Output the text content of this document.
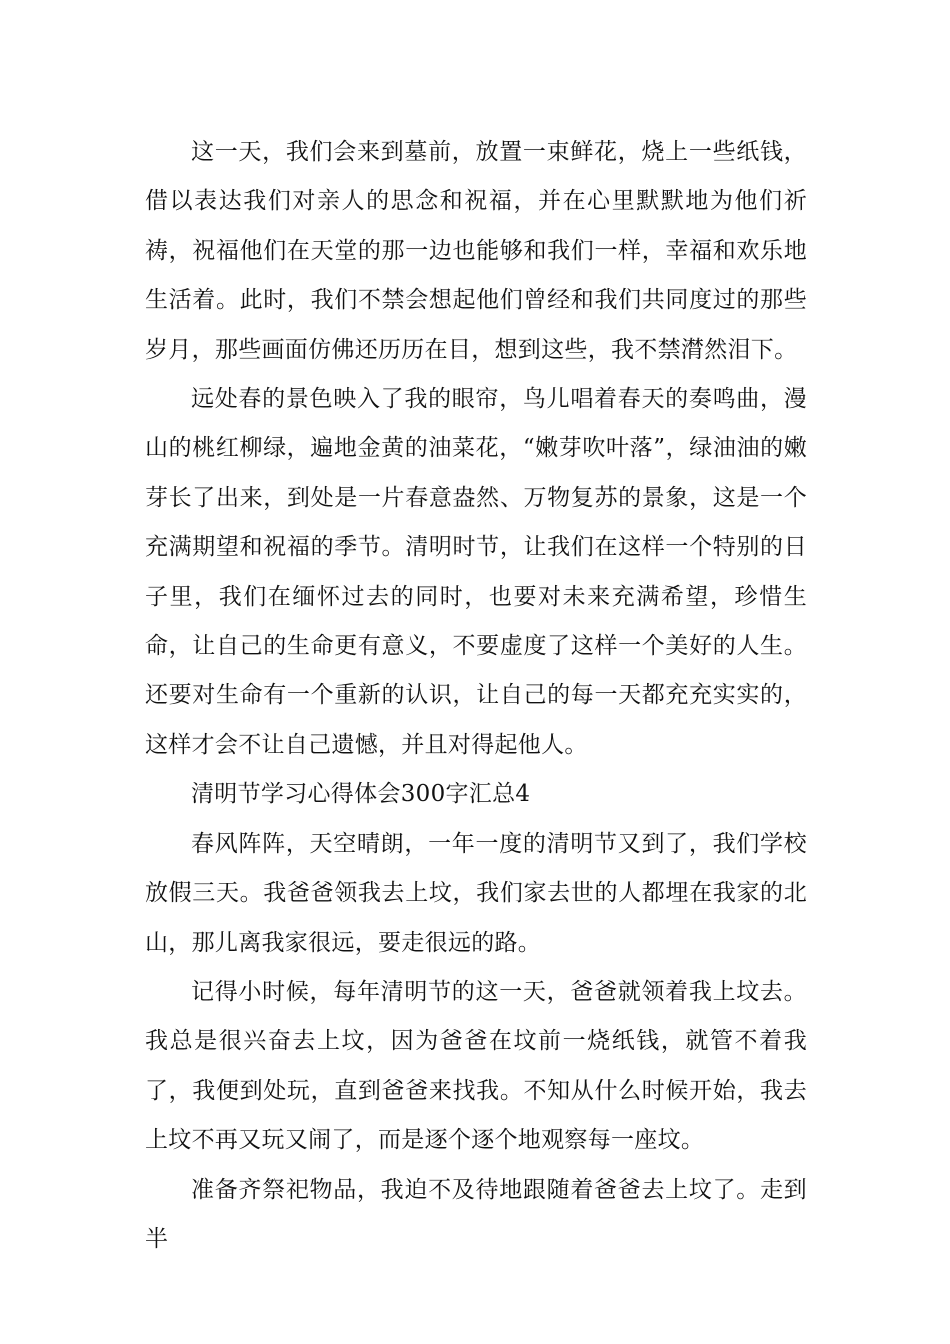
这一天，我们会来到墓前，放置一束鲜花，烧上一些纸钱，借以表达我们对亲人的思念和祝福，并在心里默默地为他们祈祷，祝福他们在天堂的那一边也能够和我们一样，幸福和欢乐地生活着。此时，我们不禁会想起他们曾经和我们共同度过的那些岁月，那些画面仿佛还历历在目，想到这些，我不禁潸然泪下。

远处春的景色映入了我的眼帘，鸟儿唱着春天的奏鸣曲，漫山的桃红柳绿，遍地金黄的油菜花，“嫩芽吹叶落”，绿油油的嫩芽长了出来，到处是一片春意盎然、万物复苏的景象，这是一个充满期望和祝福的季节。清明时节，让我们在这样一个特别的日子里，我们在缅怀过去的同时，也要对未来充满希望，珍惜生命，让自己的生命更有意义，不要虚度了这样一个美好的人生。还要对生命有一个重新的认识，让自己的每一天都充充实实的，这样才会不让自己遗憾，并且对得起他人。

清明节学习心得体会300字汇总4

春风阵阵，天空晴朗，一年一度的清明节又到了，我们学校放假三天。我爸爸领我去上坟，我们家去世的人都埋在我家的北山，那儿离我家很远，要走很远的路。

记得小时候，每年清明节的这一天，爸爸就领着我上坟去。我总是很兴奋去上坟，因为爸爸在坟前一烧纸钱，就管不着我了，我便到处玩，直到爸爸来找我。不知从什么时候开始，我去上坟不再又玩又闹了，而是逐个逐个地观察每一座坟。

准备齐祭祀物品，我迫不及待地跟随着爸爸去上坟了。走到半
